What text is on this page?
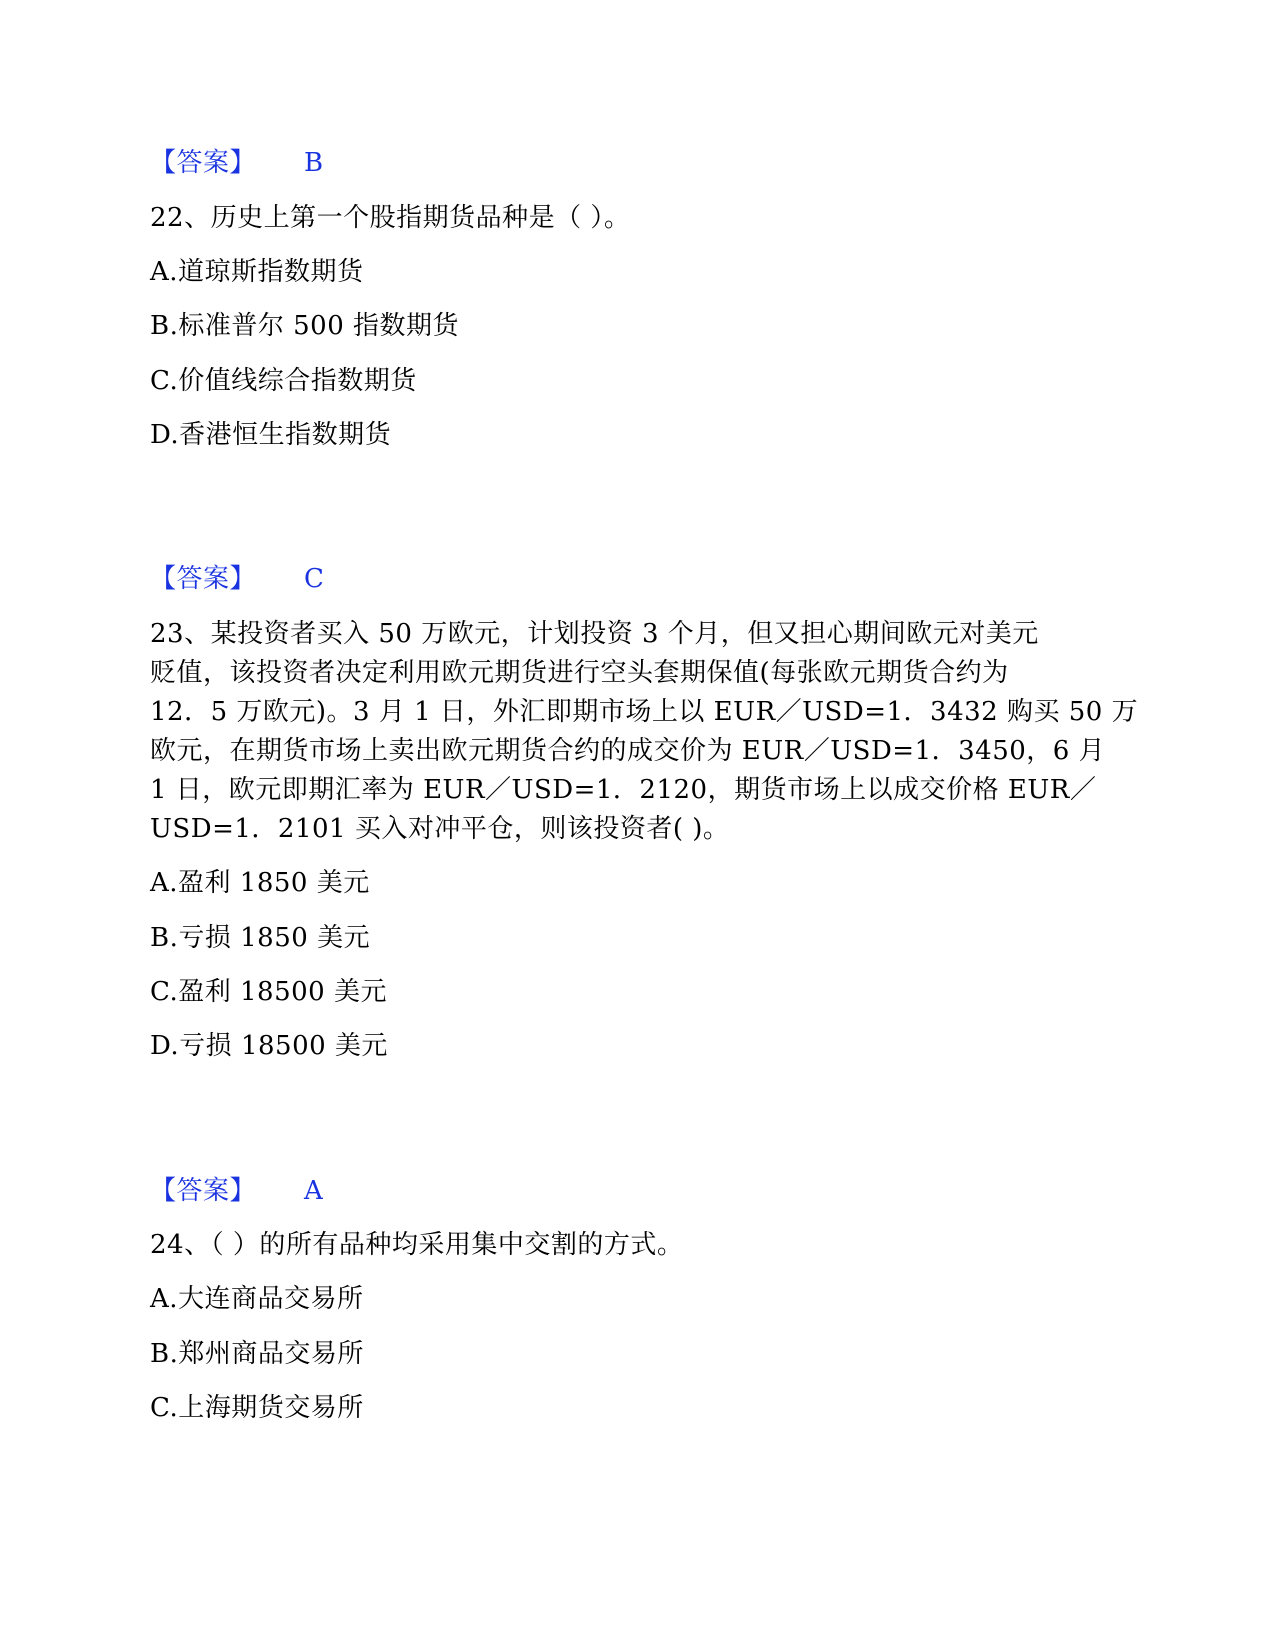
【答案】 B
22、历史上第一个股指期货品种是（ ）。
A.道琼斯指数期货
B.标准普尔 500 指数期货
C.价值线综合指数期货
D.香港恒生指数期货
【答案】 C
23、某投资者买入 50 万欧元，计划投资 3 个月，但又担心期间欧元对美元
贬值，该投资者决定利用欧元期货进行空头套期保值(每张欧元期货合约为
12．5 万欧元)。3 月 1 日，外汇即期市场上以 EUR／USD=1．3432 购买 50 万
欧元，在期货市场上卖出欧元期货合约的成交价为 EUR／USD=1．3450，6 月
1 日，欧元即期汇率为 EUR／USD=1．2120，期货市场上以成交价格 EUR／
USD=1．2101 买入对冲平仓，则该投资者( )。
A.盈利 1850 美元
B.亏损 1850 美元
C.盈利 18500 美元
D.亏损 18500 美元
【答案】 A
24、（ ）的所有品种均采用集中交割的方式。
A.大连商品交易所
B.郑州商品交易所
C.上海期货交易所
